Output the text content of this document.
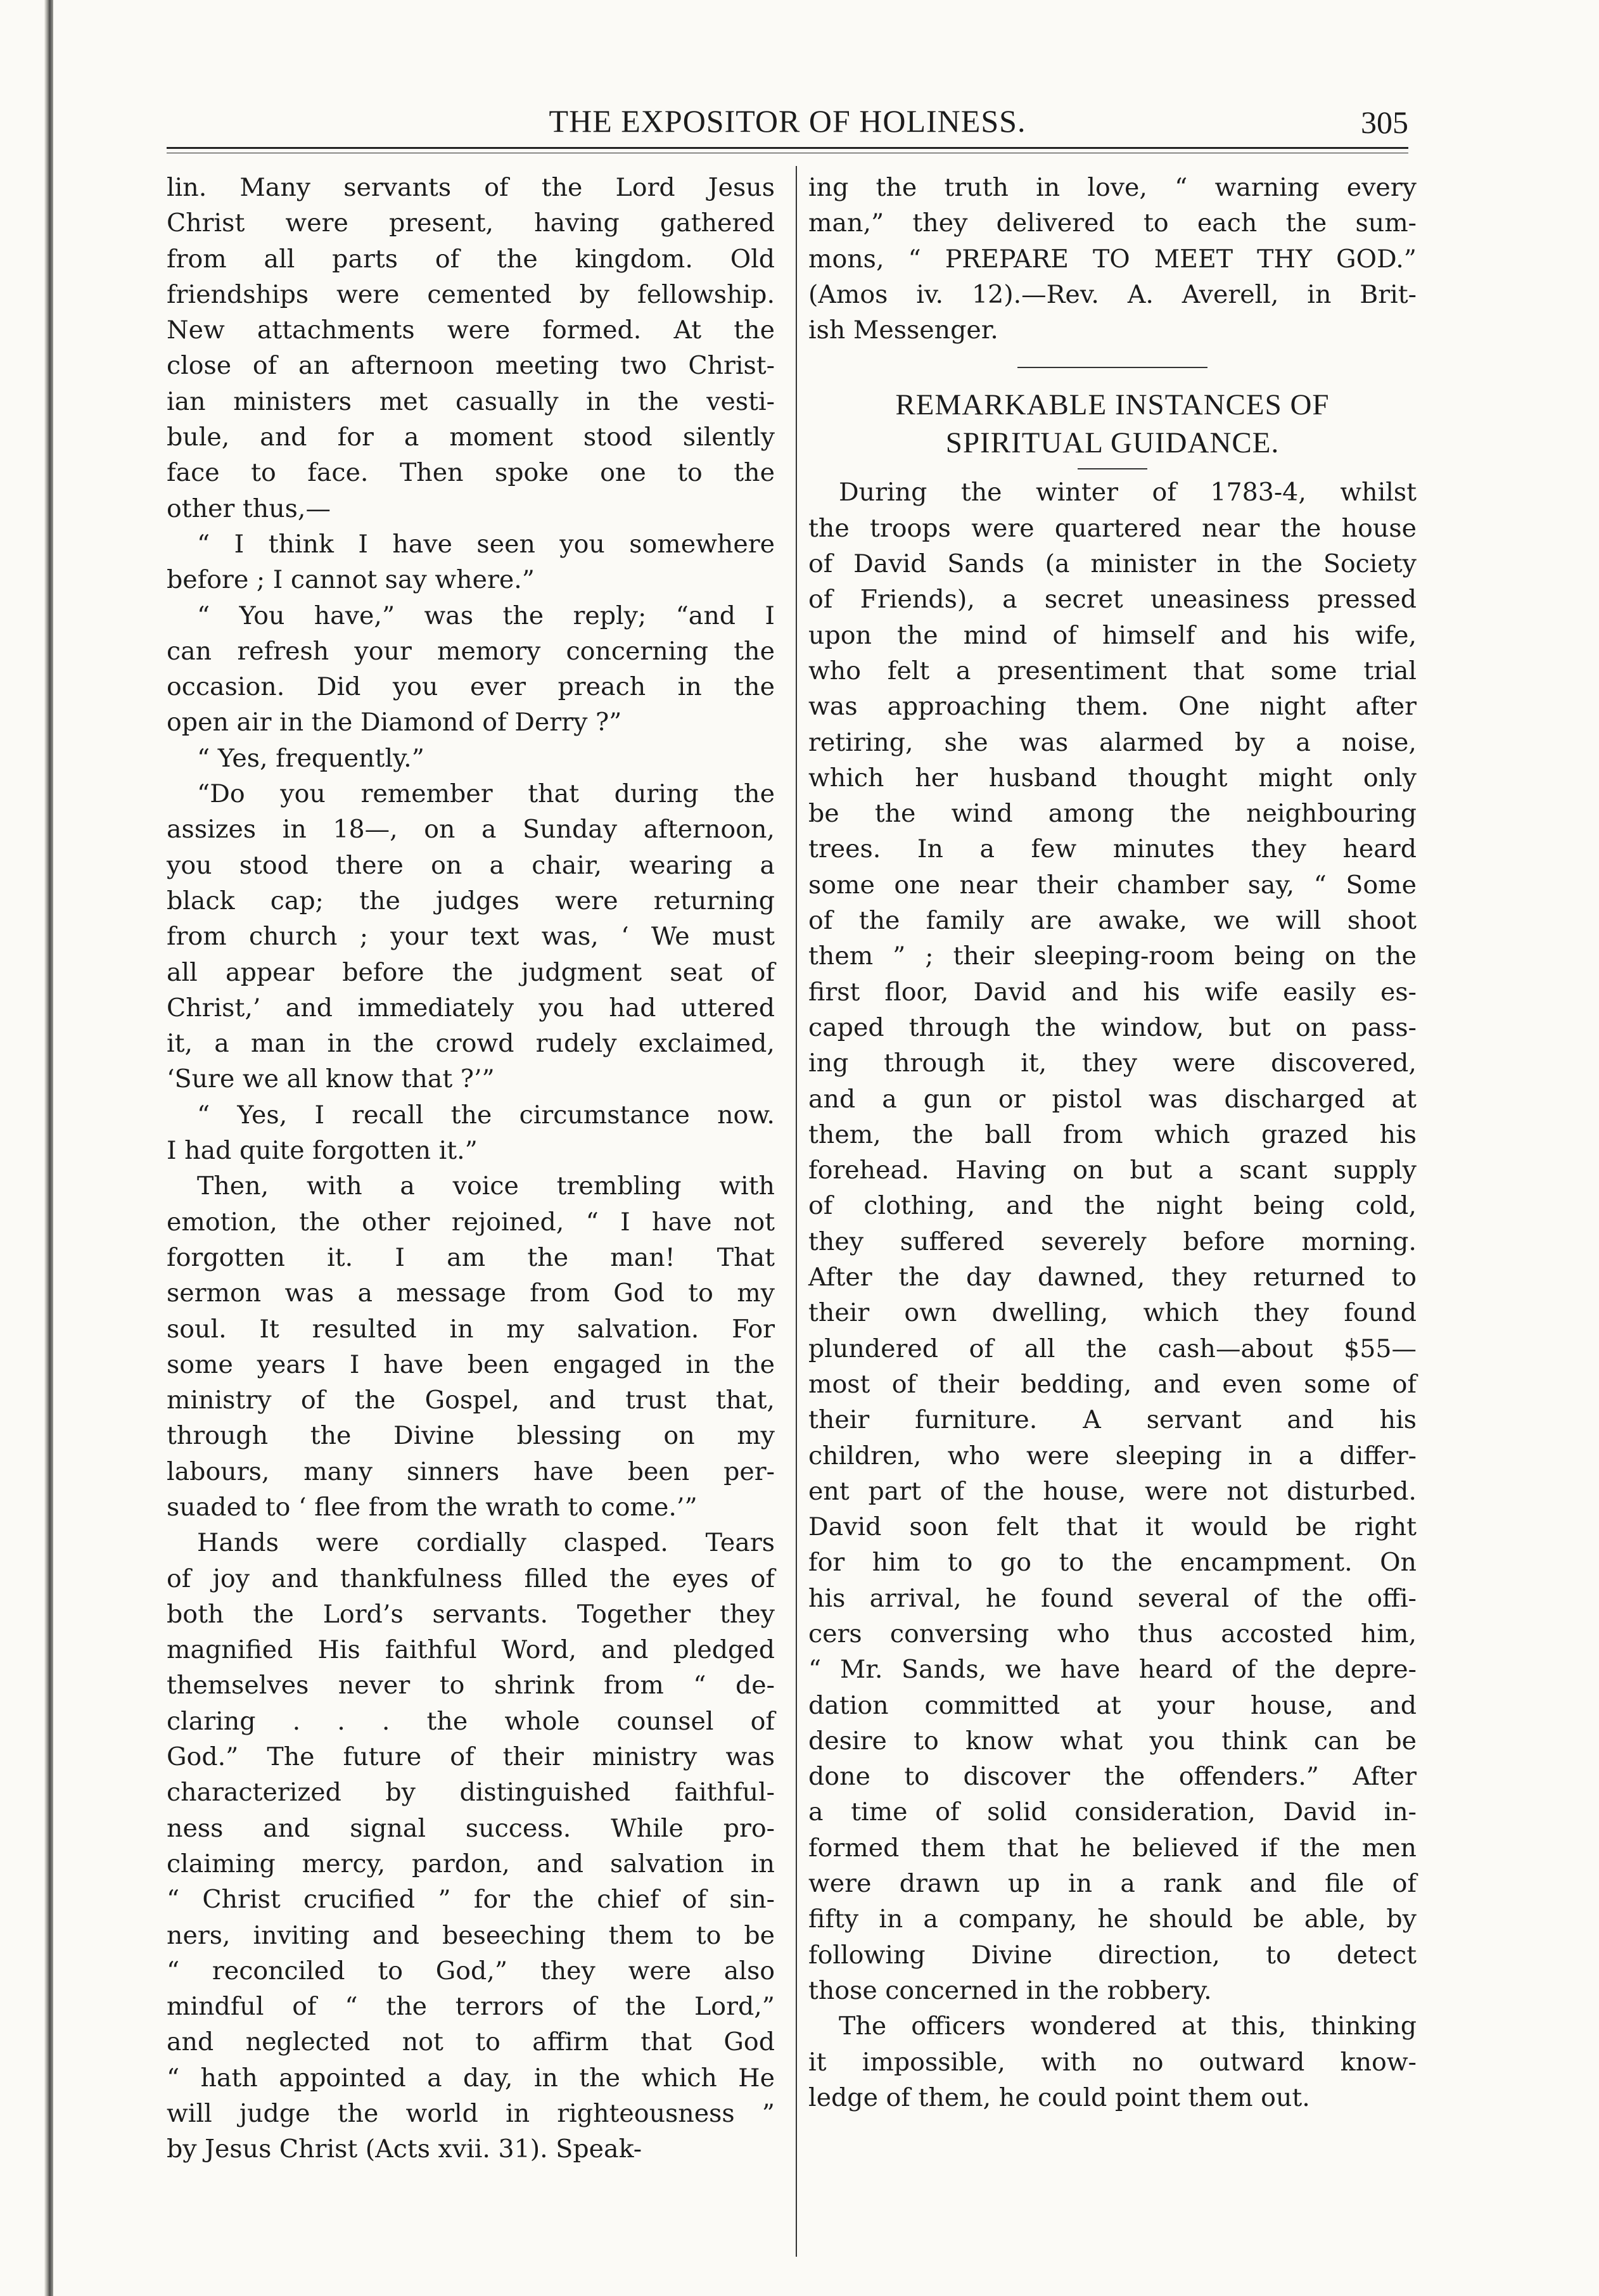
THE EXPOSITOR OF HOLINESS.	305
lin. Many servants of the Lord Jesus
Christ were present, having gathered
from all parts of the kingdom. Old
friendships were cemented by fellowship.
New attachments were formed. At the
close of an afternoon meeting two Christ-
ian ministers met casually in the vesti-
bule, and for a moment stood silently
face to face. Then spoke one to the
other thus,—
“ I think I have seen you somewhere
before ; I cannot say where.”
“ You have,” was the reply; “and I
can refresh your memory concerning the
occasion. Did you ever preach in the
open air in the Diamond of Derry ?”
“ Yes, frequently.”
“Do you remember that during the
assizes in 18—, on a Sunday afternoon,
you stood there on a chair, wearing a
black cap; the judges were returning
from church ; your text was, ‘ We must
all appear before the judgment seat of
Christ,’ and immediately you had uttered
it, a man in the crowd rudely exclaimed,
‘Sure we all know that ?’”
“ Yes, I recall the circumstance now.
I had quite forgotten it.”
Then, with a voice trembling with
emotion, the other rejoined, “ I have not
forgotten it. I am the man! That
sermon was a message from God to my
soul. It resulted in my salvation. For
some years I have been engaged in the
ministry of the Gospel, and trust that,
through the Divine blessing on my
labours, many sinners have been per-
suaded to ‘ flee from the wrath to come.’”
Hands were cordially clasped. Tears
of joy and thankfulness filled the eyes of
both the Lord’s servants. Together they
magnified His faithful Word, and pledged
themselves never to shrink from “ de-
claring . . . the whole counsel of
God.” The future of their ministry was
characterized by distinguished faithful-
ness and signal success. While pro-
claiming mercy, pardon, and salvation in
“ Christ crucified ” for the chief of sin-
ners, inviting and beseeching them to be
“ reconciled to God,” they were also
mindful of “ the terrors of the Lord,”
and neglected not to affirm that God
“ hath appointed a day, in the which He
will judge the world in righteousness ”
by Jesus Christ (Acts xvii. 31). Speak-
ing the truth in love, “ warning every
man,” they delivered to each the sum-
mons, “ PREPARE TO MEET THY GOD.”
(Amos iv. 12).—Rev. A. Averell, in Brit-
ish Messenger.
REMARKABLE INSTANCES OF
SPIRITUAL GUIDANCE.
During the winter of 1783-4, whilst
the troops were quartered near the house
of David Sands (a minister in the Society
of Friends), a secret uneasiness pressed
upon the mind of himself and his wife,
who felt a presentiment that some trial
was approaching them. One night after
retiring, she was alarmed by a noise,
which her husband thought might only
be the wind among the neighbouring
trees. In a few minutes they heard
some one near their chamber say, “ Some
of the family are awake, we will shoot
them ” ; their sleeping-room being on the
first floor, David and his wife easily es-
caped through the window, but on pass-
ing through it, they were discovered,
and a gun or pistol was discharged at
them, the ball from which grazed his
forehead. Having on but a scant supply
of clothing, and the night being cold,
they suffered severely before morning.
After the day dawned, they returned to
their own dwelling, which they found
plundered of all the cash—about $55—
most of their bedding, and even some of
their furniture. A servant and his
children, who were sleeping in a differ-
ent part of the house, were not disturbed.
David soon felt that it would be right
for him to go to the encampment. On
his arrival, he found several of the offi-
cers conversing who thus accosted him,
“ Mr. Sands, we have heard of the depre-
dation committed at your house, and
desire to know what you think can be
done to discover the offenders.” After
a time of solid consideration, David in-
formed them that he believed if the men
were drawn up in a rank and file of
fifty in a company, he should be able, by
following Divine direction, to detect
those concerned in the robbery.
The officers wondered at this, thinking
it impossible, with no outward know-
ledge of them, he could point them out.
